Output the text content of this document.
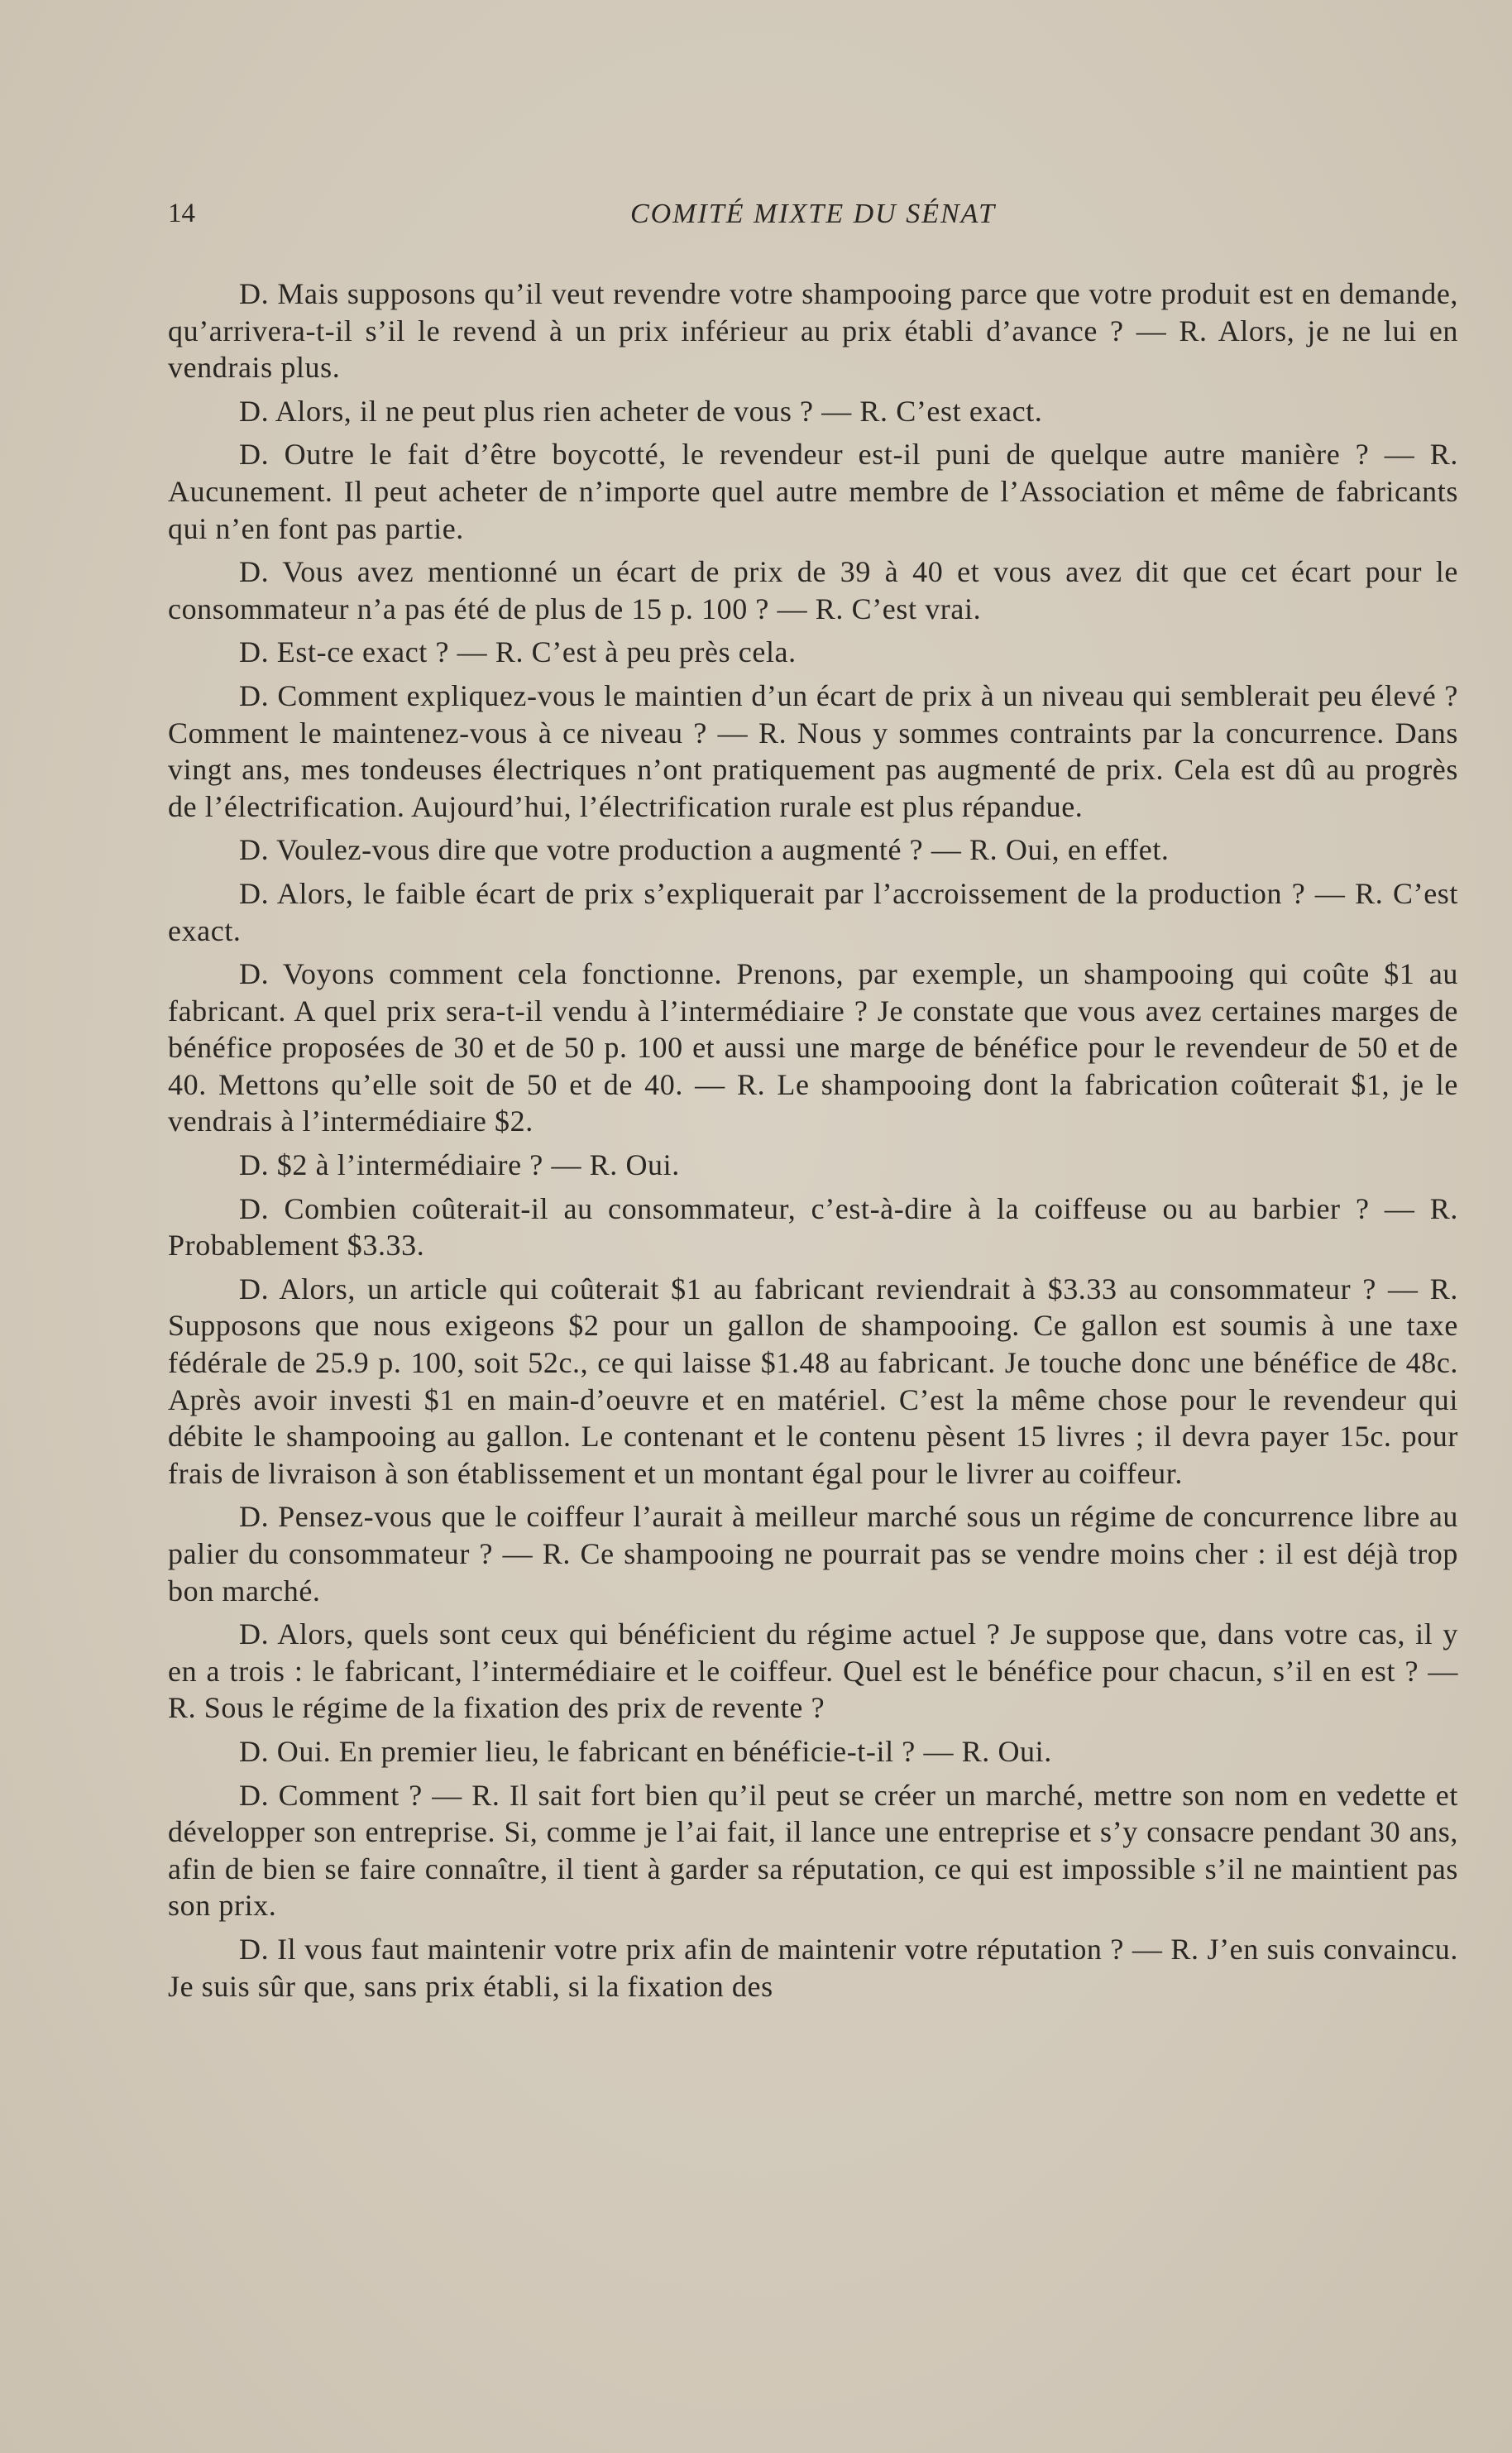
14	COMITÉ MIXTE DU SÉNAT

D. Mais supposons qu’il veut revendre votre shampooing parce que votre produit est en demande, qu’arrivera-t-il s’il le revend à un prix inférieur au prix établi d’avance ? — R. Alors, je ne lui en vendrais plus.

D. Alors, il ne peut plus rien acheter de vous ? — R. C’est exact.

D. Outre le fait d’être boycotté, le revendeur est-il puni de quelque autre manière ? — R. Aucunement. Il peut acheter de n’importe quel autre membre de l’Association et même de fabricants qui n’en font pas partie.

D. Vous avez mentionné un écart de prix de 39 à 40 et vous avez dit que cet écart pour le consommateur n’a pas été de plus de 15 p. 100 ? — R. C’est vrai.

D. Est-ce exact ? — R. C’est à peu près cela.

D. Comment expliquez-vous le maintien d’un écart de prix à un niveau qui semblerait peu élevé ? Comment le maintenez-vous à ce niveau ? — R. Nous y sommes contraints par la concurrence. Dans vingt ans, mes tondeuses électriques n’ont pratiquement pas augmenté de prix. Cela est dû au progrès de l’électrification. Aujourd’hui, l’électrification rurale est plus répandue.

D. Voulez-vous dire que votre production a augmenté ? — R. Oui, en effet.

D. Alors, le faible écart de prix s’expliquerait par l’accroissement de la production ? — R. C’est exact.

D. Voyons comment cela fonctionne. Prenons, par exemple, un shampooing qui coûte $1 au fabricant. A quel prix sera-t-il vendu à l’intermédiaire ? Je constate que vous avez certaines marges de bénéfice proposées de 30 et de 50 p. 100 et aussi une marge de bénéfice pour le revendeur de 50 et de 40. Mettons qu’elle soit de 50 et de 40. — R. Le shampooing dont la fabrication coûterait $1, je le vendrais à l’intermédiaire $2.

D. $2 à l’intermédiaire ? — R. Oui.

D. Combien coûterait-il au consommateur, c’est-à-dire à la coiffeuse ou au barbier ? — R. Probablement $3.33.

D. Alors, un article qui coûterait $1 au fabricant reviendrait à $3.33 au consommateur ? — R. Supposons que nous exigeons $2 pour un gallon de shampooing. Ce gallon est soumis à une taxe fédérale de 25.9 p. 100, soit 52c., ce qui laisse $1.48 au fabricant. Je touche donc une bénéfice de 48c. Après avoir investi $1 en main-d’oeuvre et en matériel. C’est la même chose pour le revendeur qui débite le shampooing au gallon. Le contenant et le contenu pèsent 15 livres ; il devra payer 15c. pour frais de livraison à son établissement et un montant égal pour le livrer au coiffeur.

D. Pensez-vous que le coiffeur l’aurait à meilleur marché sous un régime de concurrence libre au palier du consommateur ? — R. Ce shampooing ne pourrait pas se vendre moins cher : il est déjà trop bon marché.

D. Alors, quels sont ceux qui bénéficient du régime actuel ? Je suppose que, dans votre cas, il y en a trois : le fabricant, l’intermédiaire et le coiffeur. Quel est le bénéfice pour chacun, s’il en est ? — R. Sous le régime de la fixation des prix de revente ?

D. Oui. En premier lieu, le fabricant en bénéficie-t-il ? — R. Oui.

D. Comment ? — R. Il sait fort bien qu’il peut se créer un marché, mettre son nom en vedette et développer son entreprise. Si, comme je l’ai fait, il lance une entreprise et s’y consacre pendant 30 ans, afin de bien se faire connaître, il tient à garder sa réputation, ce qui est impossible s’il ne maintient pas son prix.

D. Il vous faut maintenir votre prix afin de maintenir votre réputation ? — R. J’en suis convaincu. Je suis sûr que, sans prix établi, si la fixation des
